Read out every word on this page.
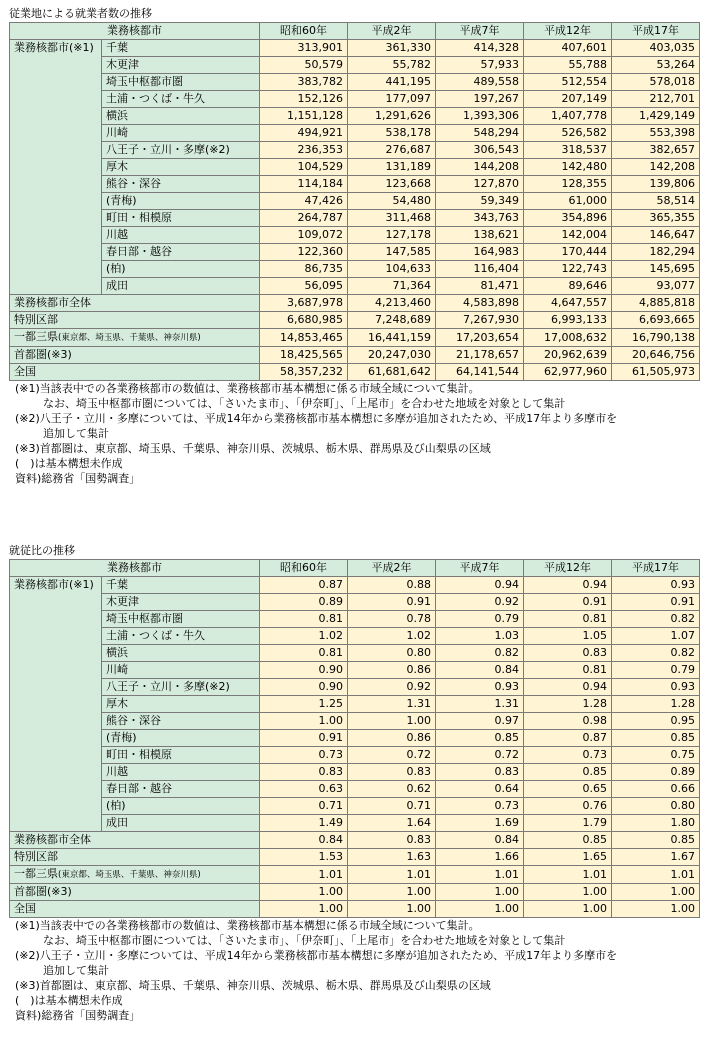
従業地による就業者数の推移
業務核都市		昭和60年	平成2年	平成7年	平成12年	平成17年
業務核都市(※1)	千葉	313,901	361,330	414,328	407,601	403,035
	木更津	50,579	55,782	57,933	55,788	53,264
	埼玉中枢都市圏	383,782	441,195	489,558	512,554	578,018
	土浦・つくば・牛久	152,126	177,097	197,267	207,149	212,701
	横浜	1,151,128	1,291,626	1,393,306	1,407,778	1,429,149
	川崎	494,921	538,178	548,294	526,582	553,398
	八王子・立川・多摩(※2)	236,353	276,687	306,543	318,537	382,657
	厚木	104,529	131,189	144,208	142,480	142,208
	熊谷・深谷	114,184	123,668	127,870	128,355	139,806
	(青梅)	47,426	54,480	59,349	61,000	58,514
	町田・相模原	264,787	311,468	343,763	354,896	365,355
	川越	109,072	127,178	138,621	142,004	146,647
	春日部・越谷	122,360	147,585	164,983	170,444	182,294
	(柏)	86,735	104,633	116,404	122,743	145,695
	成田	56,095	71,364	81,471	89,646	93,077
業務核都市全体		3,687,978	4,213,460	4,583,898	4,647,557	4,885,818
特別区部		6,680,985	7,248,689	7,267,930	6,993,133	6,693,665
一都三県(東京都、埼玉県、千葉県、神奈川県)		14,853,465	16,441,159	17,203,654	17,008,632	16,790,138
首都圏(※3)		18,425,565	20,247,030	21,178,657	20,962,639	20,646,756
全国		58,357,232	61,681,642	64,141,544	62,977,960	61,505,973
(※1)当該表中での各業務核都市の数値は、業務核都市基本構想に係る市域全域について集計。
なお、埼玉中枢都市圏については、「さいたま市」、「伊奈町」、「上尾市」を合わせた地域を対象として集計
(※2)八王子・立川・多摩については、平成14年から業務核都市基本構想に多摩が追加されたため、平成17年より多摩市を
追加して集計
(※3)首都圏は、東京都、埼玉県、千葉県、神奈川県、茨城県、栃木県、群馬県及び山梨県の区域
(　)は基本構想未作成
資料)総務省「国勢調査」
就従比の推移
業務核都市		昭和60年	平成2年	平成7年	平成12年	平成17年
業務核都市(※1)	千葉	0.87	0.88	0.94	0.94	0.93
	木更津	0.89	0.91	0.92	0.91	0.91
	埼玉中枢都市圏	0.81	0.78	0.79	0.81	0.82
	土浦・つくば・牛久	1.02	1.02	1.03	1.05	1.07
	横浜	0.81	0.80	0.82	0.83	0.82
	川崎	0.90	0.86	0.84	0.81	0.79
	八王子・立川・多摩(※2)	0.90	0.92	0.93	0.94	0.93
	厚木	1.25	1.31	1.31	1.28	1.28
	熊谷・深谷	1.00	1.00	0.97	0.98	0.95
	(青梅)	0.91	0.86	0.85	0.87	0.85
	町田・相模原	0.73	0.72	0.72	0.73	0.75
	川越	0.83	0.83	0.83	0.85	0.89
	春日部・越谷	0.63	0.62	0.64	0.65	0.66
	(柏)	0.71	0.71	0.73	0.76	0.80
	成田	1.49	1.64	1.69	1.79	1.80
業務核都市全体		0.84	0.83	0.84	0.85	0.85
特別区部		1.53	1.63	1.66	1.65	1.67
一都三県(東京都、埼玉県、千葉県、神奈川県)		1.01	1.01	1.01	1.01	1.01
首都圏(※3)		1.00	1.00	1.00	1.00	1.00
全国		1.00	1.00	1.00	1.00	1.00
(※1)当該表中での各業務核都市の数値は、業務核都市基本構想に係る市域全域について集計。
なお、埼玉中枢都市圏については、「さいたま市」、「伊奈町」、「上尾市」を合わせた地域を対象として集計
(※2)八王子・立川・多摩については、平成14年から業務核都市基本構想に多摩が追加されたため、平成17年より多摩市を
追加して集計
(※3)首都圏は、東京都、埼玉県、千葉県、神奈川県、茨城県、栃木県、群馬県及び山梨県の区域
(　)は基本構想未作成
資料)総務省「国勢調査」
